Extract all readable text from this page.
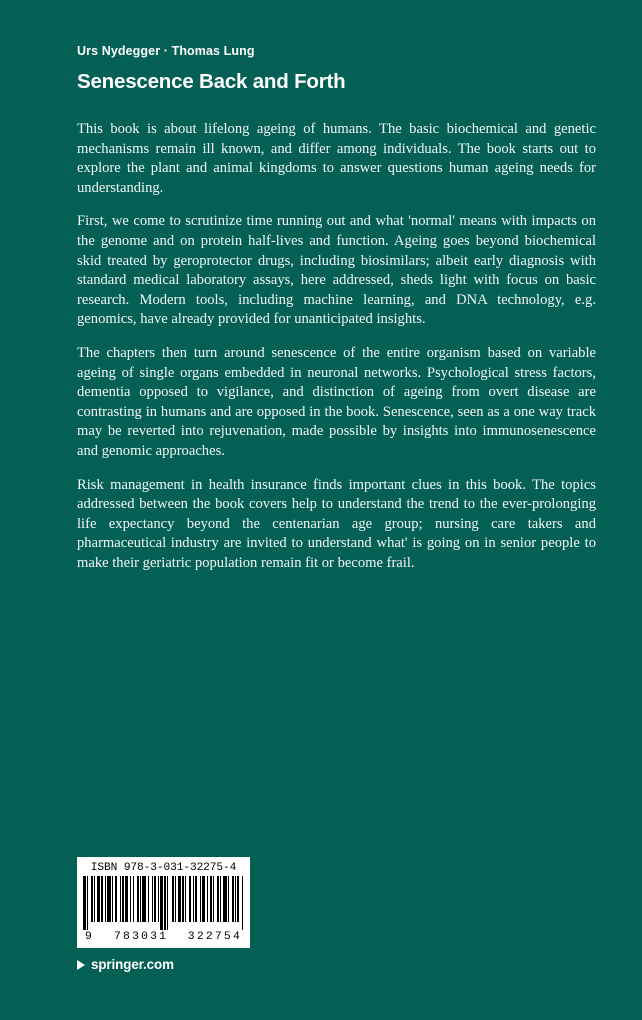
Urs Nydegger · Thomas Lung
Senescence Back and Forth

This book is about lifelong ageing of humans. The basic biochemical and genetic mechanisms remain ill known, and differ among individuals. The book starts out to explore the plant and animal kingdoms to answer questions human ageing needs for understanding.

First, we come to scrutinize time running out and what 'normal' means with impacts on the genome and on protein half-lives and function. Ageing goes beyond biochemical skid treated by geroprotector drugs, including biosimilars; albeit early diagnosis with standard medical laboratory assays, here addressed, sheds light with focus on basic research. Modern tools, including machine learning, and DNA technology, e.g. genomics, have already provided for unanticipated insights.

The chapters then turn around senescence of the entire organism based on variable ageing of single organs embedded in neuronal networks. Psychological stress factors, dementia opposed to vigilance, and distinction of ageing from overt disease are contrasting in humans and are opposed in the book. Senescence, seen as a one way track may be reverted into rejuvenation, made possible by insights into immunosenescence and genomic approaches.

Risk management in health insurance finds important clues in this book. The topics addressed between the book covers help to understand the trend to the ever-prolonging life expectancy beyond the centenarian age group; nursing care takers and pharmaceutical industry are invited to understand what' is going on in senior people to make their geriatric population remain fit or become frail.

ISBN 978-3-031-32275-4
9 783031 322754
springer.com
